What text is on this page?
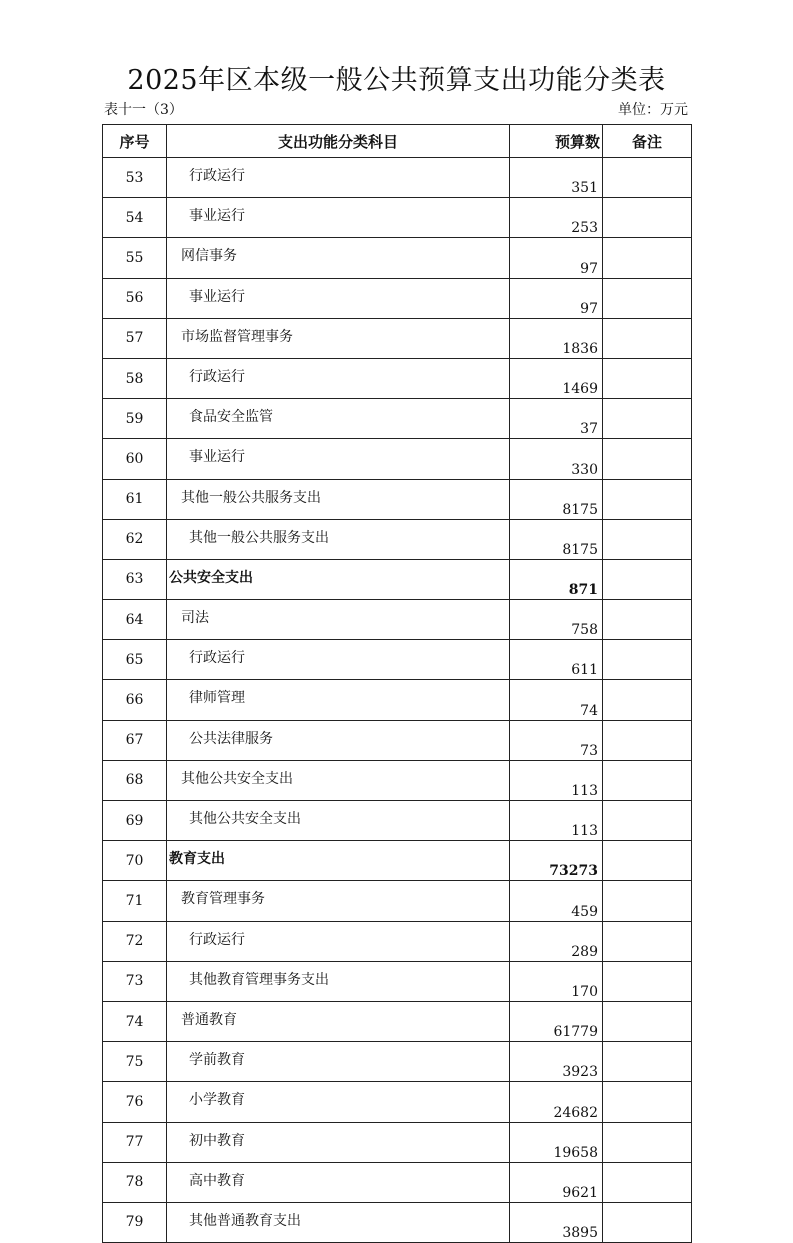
2025年区本级一般公共预算支出功能分类表
表十一（3）	单位：万元
序号	支出功能分类科目	预算数	备注
53	行政运行	351	
54	事业运行	253	
55	网信事务	97	
56	事业运行	97	
57	市场监督管理事务	1836	
58	行政运行	1469	
59	食品安全监管	37	
60	事业运行	330	
61	其他一般公共服务支出	8175	
62	其他一般公共服务支出	8175	
63	公共安全支出	871	
64	司法	758	
65	行政运行	611	
66	律师管理	74	
67	公共法律服务	73	
68	其他公共安全支出	113	
69	其他公共安全支出	113	
70	教育支出	73273	
71	教育管理事务	459	
72	行政运行	289	
73	其他教育管理事务支出	170	
74	普通教育	61779	
75	学前教育	3923	
76	小学教育	24682	
77	初中教育	19658	
78	高中教育	9621	
79	其他普通教育支出	3895	
